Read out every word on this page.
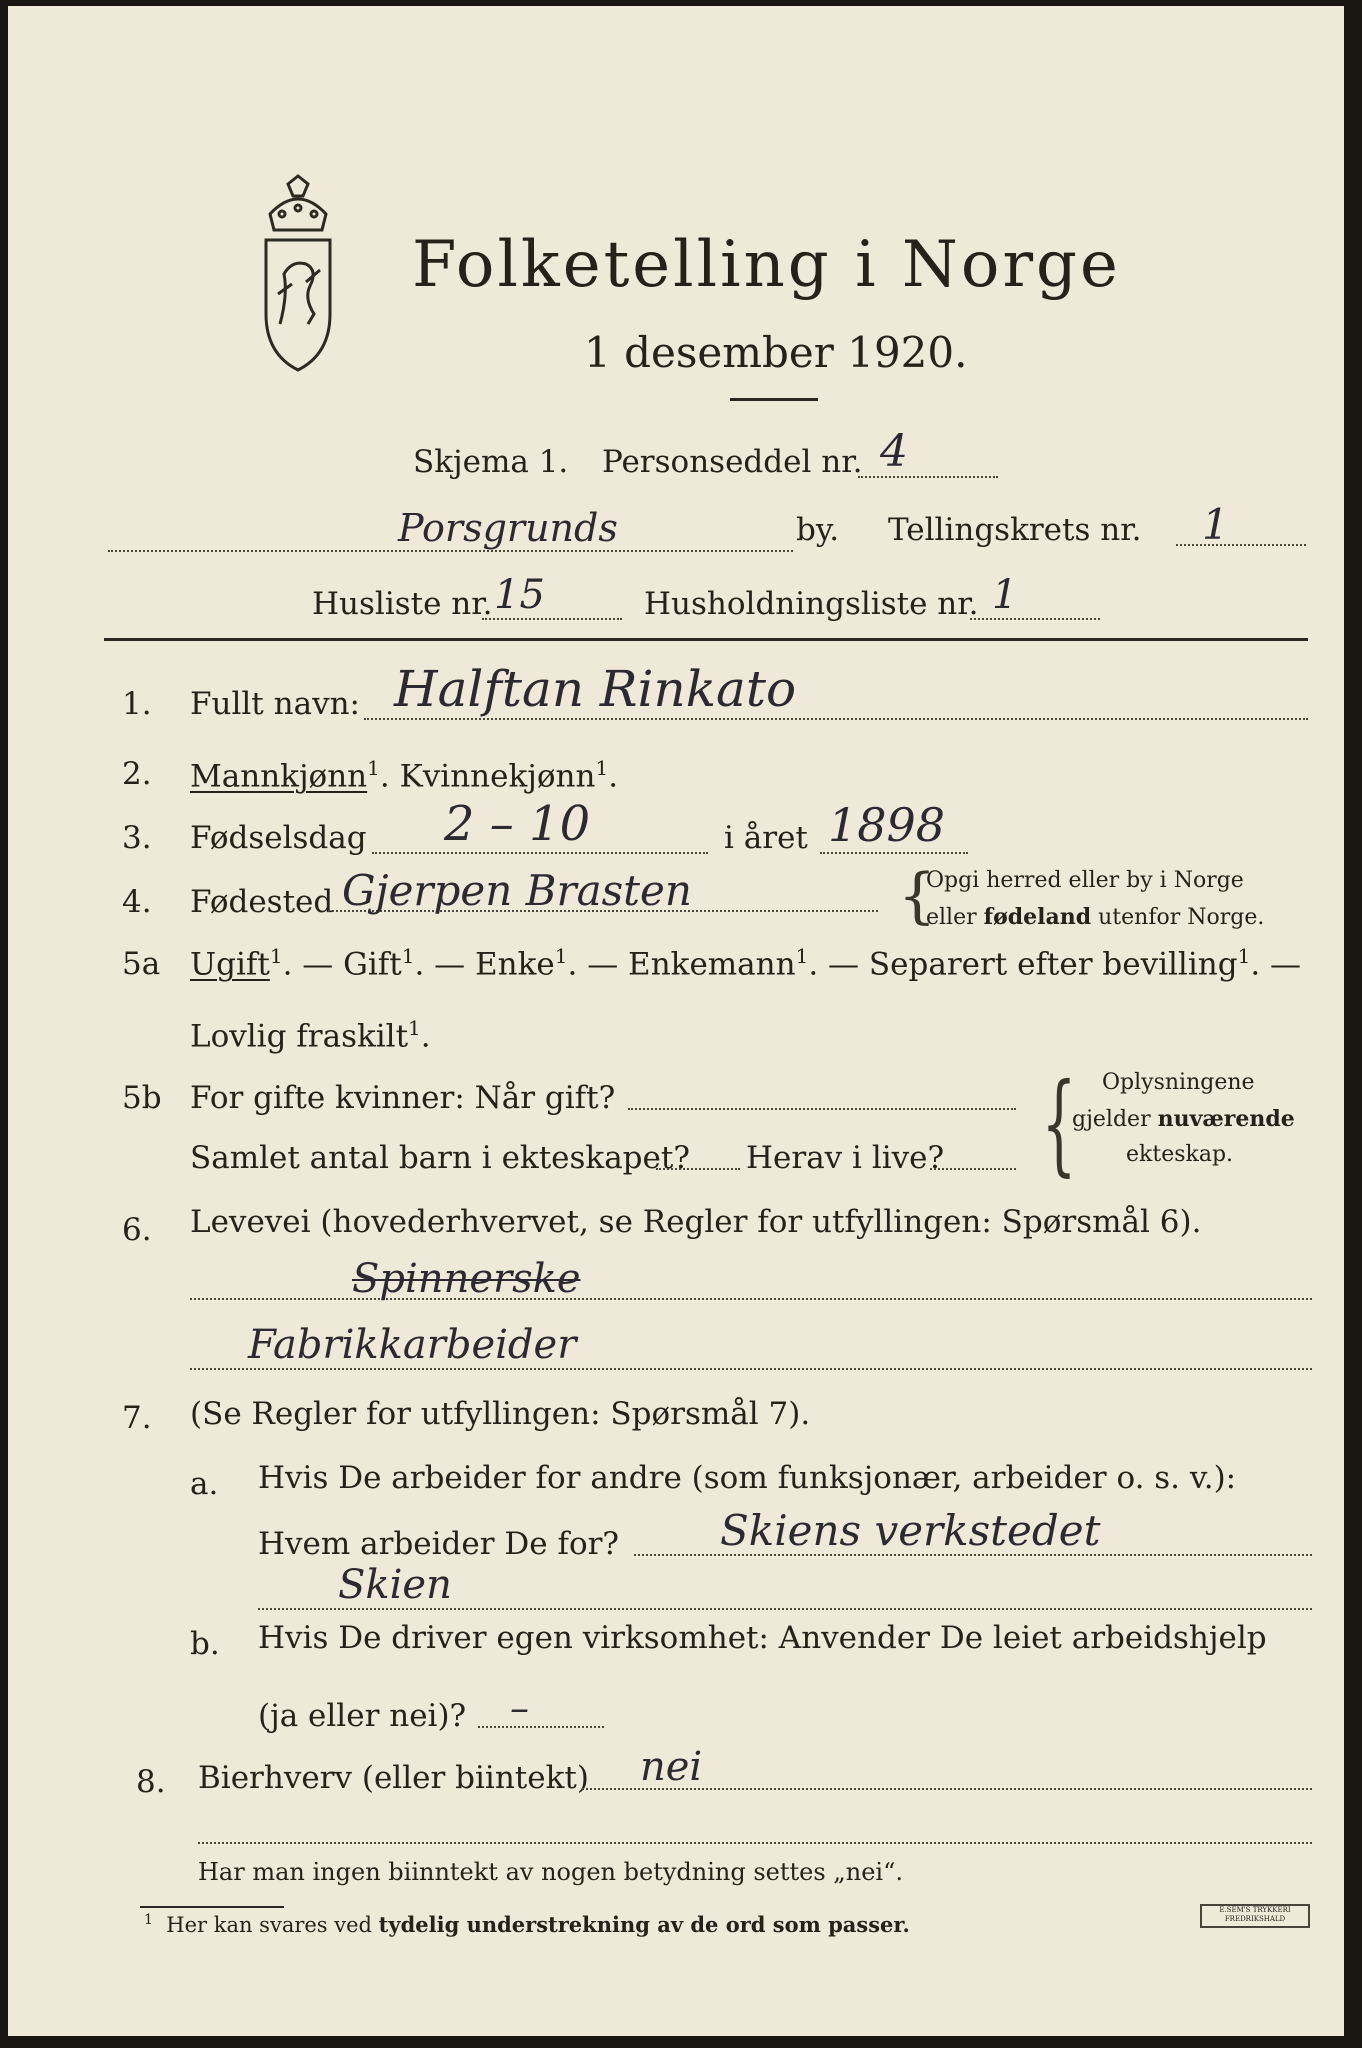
Folketelling i Norge
1 desember 1920.
Skjema 1. Personseddel nr. 4
Porsgrunds	by. Tellingskrets nr. 1
Husliste nr. 15	Husholdningsliste nr. 1
1. Fullt navn: Halftan Rinkato
2. Mannkjønn$^1$. Kvinnekjønn$^1$.
3. Fødselsdag 2 – 10	i året 1898
4. Fødested Gjerpen Brasten	{
Opgi herred eller by i Norge
eller fødeland utenfor Norge.
5a Ugift$^1$. — Gift$^1$. — Enke$^1$. — Enkemann$^1$. — Separert efter bevilling$^1$. —
Lovlig fraskilt$^1$.
5b For gifte kvinner: Når gift?
Samlet antal barn i ekteskapet? Herav i live? { Oplysningene
gjelder nuværende
ekteskap.
6. Levevei (hovederhvervet, se Regler for utfyllingen: Spørsmål 6).
Spinnerske
Fabrikkarbeider
7. (Se Regler for utfyllingen: Spørsmål 7).
a. Hvis De arbeider for andre (som funksjonær, arbeider o. s. v.):
Hvem arbeider De for? Skiens verkstedet
Skien
b. Hvis De driver egen virksomhet: Anvender De leiet arbeidshjelp
(ja eller nei)? –
8. Bierhverv (eller biintekt) nei
Har man ingen biinntekt av nogen betydning settes „nei“.
$^1$ Her kan svares ved tydelig understrekning av de ord som passer.
E.SEM'S TRYKKERI
FREDRIKSHALD
